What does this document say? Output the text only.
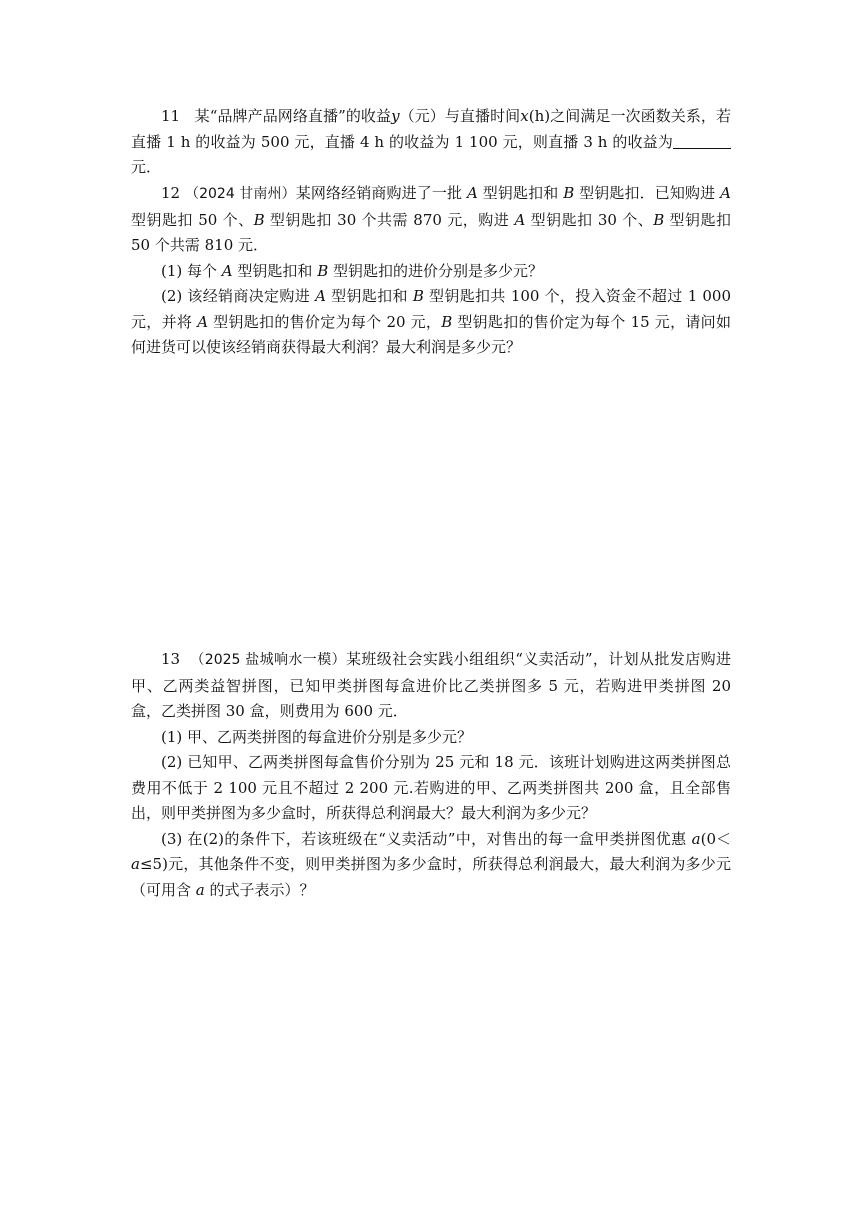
11 某“品牌产品网络直播”的收益y（元）与直播时间x(h)之间满足一次函数关系，若直播 1 h 的收益为 500 元，直播 4 h 的收益为 1 100 元，则直播 3 h 的收益为元．

12 （2024 甘南州）某网络经销商购进了一批 A 型钥匙扣和 B 型钥匙扣．已知购进 A 型钥匙扣 50 个、B 型钥匙扣 30 个共需 870 元，购进 A 型钥匙扣 30 个、B 型钥匙扣 50 个共需 810 元．

(1) 每个 A 型钥匙扣和 B 型钥匙扣的进价分别是多少元？

(2) 该经销商决定购进 A 型钥匙扣和 B 型钥匙扣共 100 个，投入资金不超过 1 000 元，并将 A 型钥匙扣的售价定为每个 20 元，B 型钥匙扣的售价定为每个 15 元，请问如何进货可以使该经销商获得最大利润？最大利润是多少元？

13 （2025 盐城响水一模）某班级社会实践小组组织“义卖活动”，计划从批发店购进甲、乙两类益智拼图，已知甲类拼图每盒进价比乙类拼图多 5 元，若购进甲类拼图 20 盒，乙类拼图 30 盒，则费用为 600 元．

(1) 甲、乙两类拼图的每盒进价分别是多少元？

(2) 已知甲、乙两类拼图每盒售价分别为 25 元和 18 元．该班计划购进这两类拼图总费用不低于 2 100 元且不超过 2 200 元.若购进的甲、乙两类拼图共 200 盒，且全部售出，则甲类拼图为多少盒时，所获得总利润最大？最大利润为多少元？

(3) 在(2)的条件下，若该班级在“义卖活动”中，对售出的每一盒甲类拼图优惠 a(0＜a≤5)元，其他条件不变，则甲类拼图为多少盒时，所获得总利润最大，最大利润为多少元（可用含 a 的式子表示）？
